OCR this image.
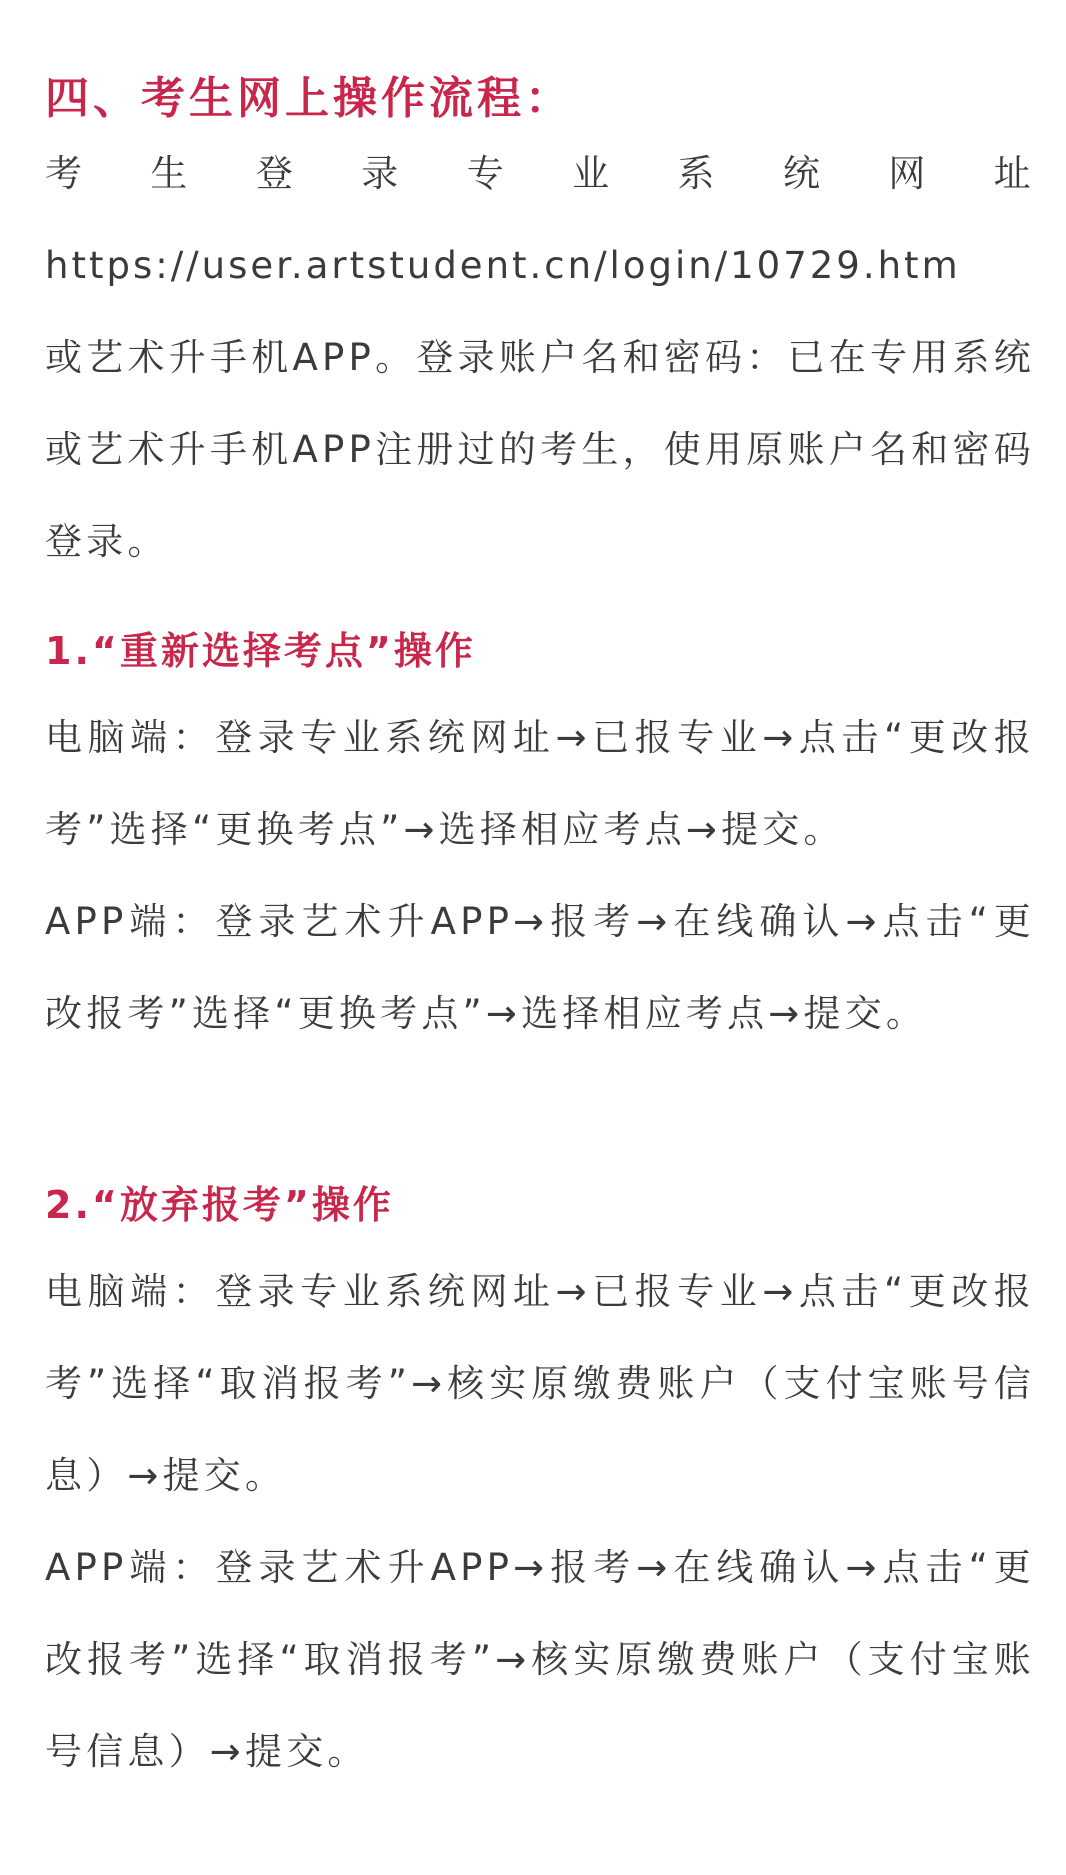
四、考生网上操作流程：
考 生 登 录 专 业 系 统 网 址
https://user.artstudent.cn/login/10729.htm
或艺术升手机APP。登录账户名和密码：已在专用系统或艺术升手机APP注册过的考生，使用原账户名和密码登录。
1.“重新选择考点”操作

电脑端：登录专业系统网址→已报专业→点击“更改报考”选择“更换考点”→选择相应考点→提交。

APP端：登录艺术升APP→报考→在线确认→点击“更改报考”选择“更换考点”→选择相应考点→提交。

2.“放弃报考”操作

电脑端：登录专业系统网址→已报专业→点击“更改报考”选择“取消报考”→核实原缴费账户（支付宝账号信息）→提交。

APP端：登录艺术升APP→报考→在线确认→点击“更改报考”选择“取消报考”→核实原缴费账户（支付宝账号信息）→提交。
